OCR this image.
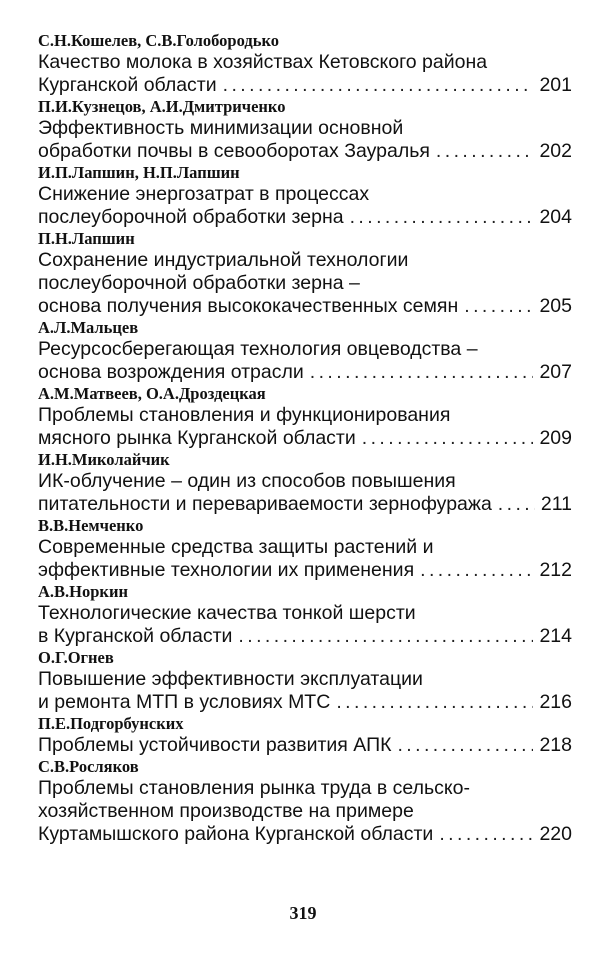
С.Н.Кошелев, С.В.Голобородько
Качество молока в хозяйствах Кетовского района
Курганской области . . .	201
П.И.Кузнецов, А.И.Дмитриченко
Эффективность минимизации основной
обработки почвы в севооборотах Зауралья . . .	202
И.П.Лапшин, Н.П.Лапшин
Снижение энергозатрат в процессах
послеуборочной обработки зерна . . .	204
П.Н.Лапшин
Сохранение индустриальной технологии
послеуборочной обработки зерна –
основа получения высококачественных семян . . .	205
А.Л.Мальцев
Ресурсосберегающая технология овцеводства –
основа возрождения отрасли . . .	207
А.М.Матвеев, О.А.Дроздецкая
Проблемы становления и функционирования
мясного рынка Курганской области . . .	209
И.Н.Миколайчик
ИК-облучение – один из способов повышения
питательности и перевариваемости зернофуража . . .	211
В.В.Немченко
Современные средства защиты растений и
эффективные технологии их применения . . .	212
А.В.Норкин
Технологические качества тонкой шерсти
в Курганской области . . .	214
О.Г.Огнев
Повышение эффективности эксплуатации
и ремонта МТП в условиях МТС . . .	216
П.Е.Подгорбунских
Проблемы устойчивости развития АПК . . .	218
С.В.Росляков
Проблемы становления рынка труда в сельско-
хозяйственном производстве на примере
Куртамышского района Курганской области . . .	220
319
